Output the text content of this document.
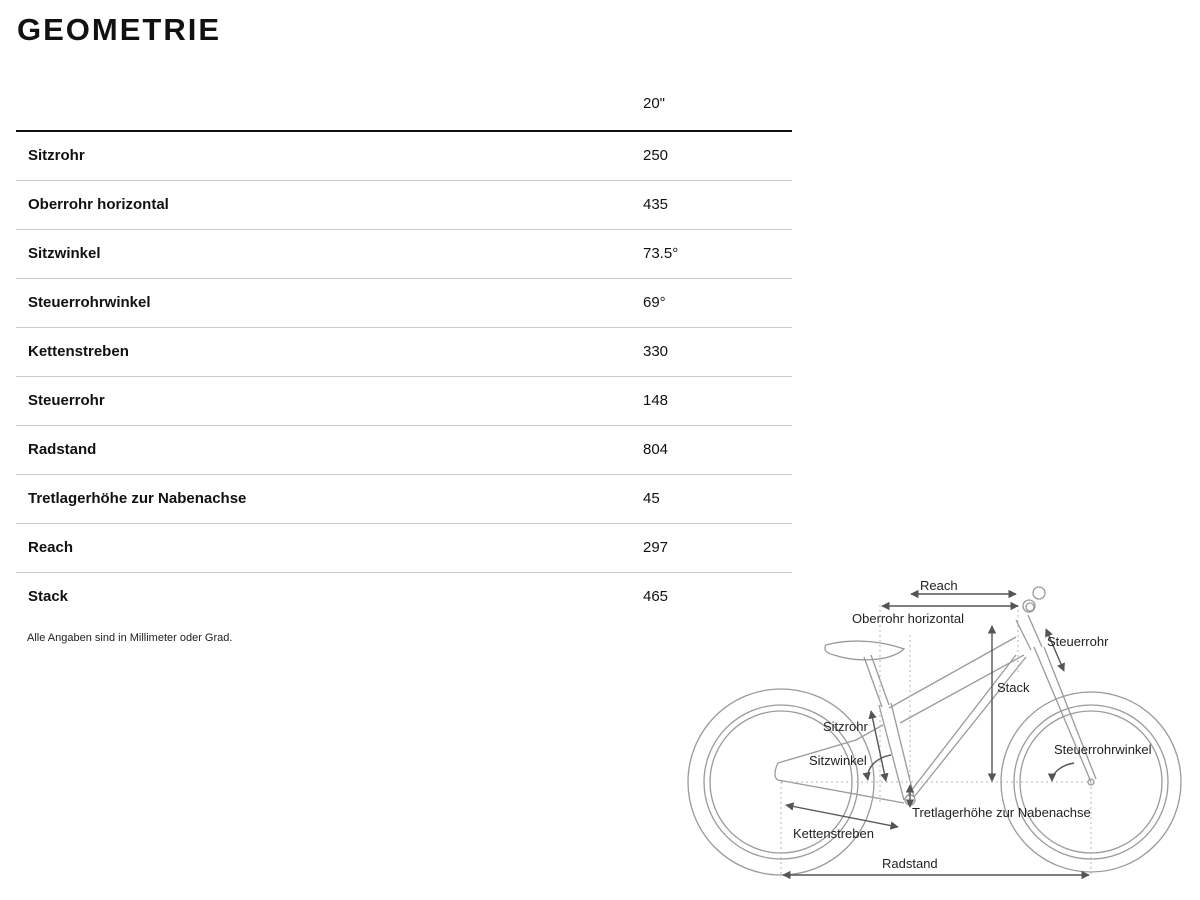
GEOMETRIE
20"
Sitzrohr	250
Oberrohr horizontal	435
Sitzwinkel	73.5°
Steuerrohrwinkel	69°
Kettenstreben	330
Steuerrohr	148
Radstand	804
Tretlagerhöhe zur Nabenachse	45
Reach	297
Stack	465
Alle Angaben sind in Millimeter oder Grad.
Reach
Oberrohr horizontal
Steuerrohr
Stack
Sitzrohr
Sitzwinkel
Steuerrohrwinkel
Tretlagerhöhe zur Nabenachse
Kettenstreben
Radstand
